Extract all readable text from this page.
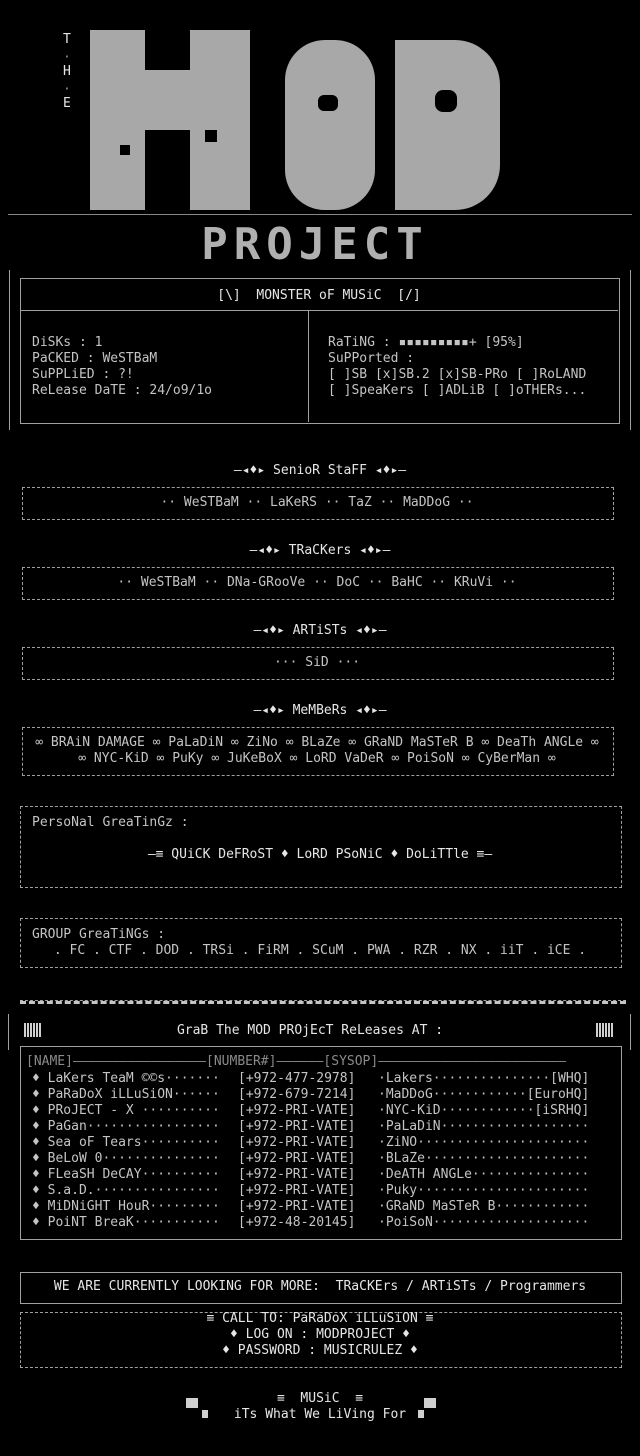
T
·
H
·
E
PROJECT
[\]  MONSTER oF MUSiC  [/]
DiSKs : 1
PaCKED : WeSTBaM
SuPPLiED : ?!
ReLease DaTE : 24/o9/1o
RaTiNG : ▪▪▪▪▪▪▪▪▪+ [95%]
SuPPorted :
[ ]SB [x]SB.2 [x]SB-PRo [ ]RoLAND
[ ]SpeaKers [ ]ADLiB [ ]oTHERs...
—◂♦▸ SenioR StaFF ◂♦▸—
·· WeSTBaM ·· LaKeRS ·· TaZ ·· MaDDoG ··
—◂♦▸ TRaCKers ◂♦▸—
·· WeSTBaM ·· DNa-GRooVe ·· DoC ·· BaHC ·· KRuVi ··
—◂♦▸ ARTiSTs ◂♦▸—
··· SiD ···
—◂♦▸ MeMBeRs ◂♦▸—
∞ BRAiN DAMAGE ∞ PaLaDiN ∞ ZiNo ∞ BLaZe ∞ GRaND MaSTeR B ∞ DeaTh ANGLe ∞
∞ NYC-KiD ∞ PuKy ∞ JuKeBoX ∞ LoRD VaDeR ∞ PoiSoN ∞ CyBerMan ∞
PersoNal GreaTinGz :
—≡ QUiCK DeFRoST ♦ LoRD PSoNiC ♦ DoLiTTle ≡—
GROUP GreaTiNGs :
. FC . CTF . DOD . TRSi . FiRM . SCuM . PWA . RZR . NX . iiT . iCE .
GraB The MOD PROjEcT ReLeases AT :
[NAME]—————————————————[NUMBER#]——————[SYSOP]————————————————————————
♦ LaKers TeaM ©©s······· [+972-477-2978] ·Lakers···············[WHQ]
♦ PaRaDoX iLLuSiON······ [+972-679-7214] ·MaDDoG············[EuroHQ]
♦ PRoJECT - X ·········· [+972-PRI-VATE] ·NYC-KiD············[iSRHQ]
♦ PaGan················· [+972-PRI-VATE] ·PaLaDiN···················
♦ Sea oF Tears·········· [+972-PRI-VATE] ·ZiNO······················
♦ BeLoW 0··············· [+972-PRI-VATE] ·BLaZe·····················
♦ FLeaSH DeCAY·········· [+972-PRI-VATE] ·DeATH ANGLe···············
♦ S.a.D.················ [+972-PRI-VATE] ·Puky······················
♦ MiDNiGHT HouR········· [+972-PRI-VATE] ·GRaND MaSTeR B············
♦ PoiNT BreaK··········· [+972-48-20145] ·PoiSoN····················
WE ARE CURRENTLY LOOKING FOR MORE:  TRaCKErs / ARTiSTs / Programmers
≡ CALL TO: PaRaDoX iLLuSiON ≡
♦ LOG ON : MODPROJECT ♦
♦ PASSWORD : MUSICRULEZ ♦
≡  MUSiC  ≡
iTs What We LiVing For
